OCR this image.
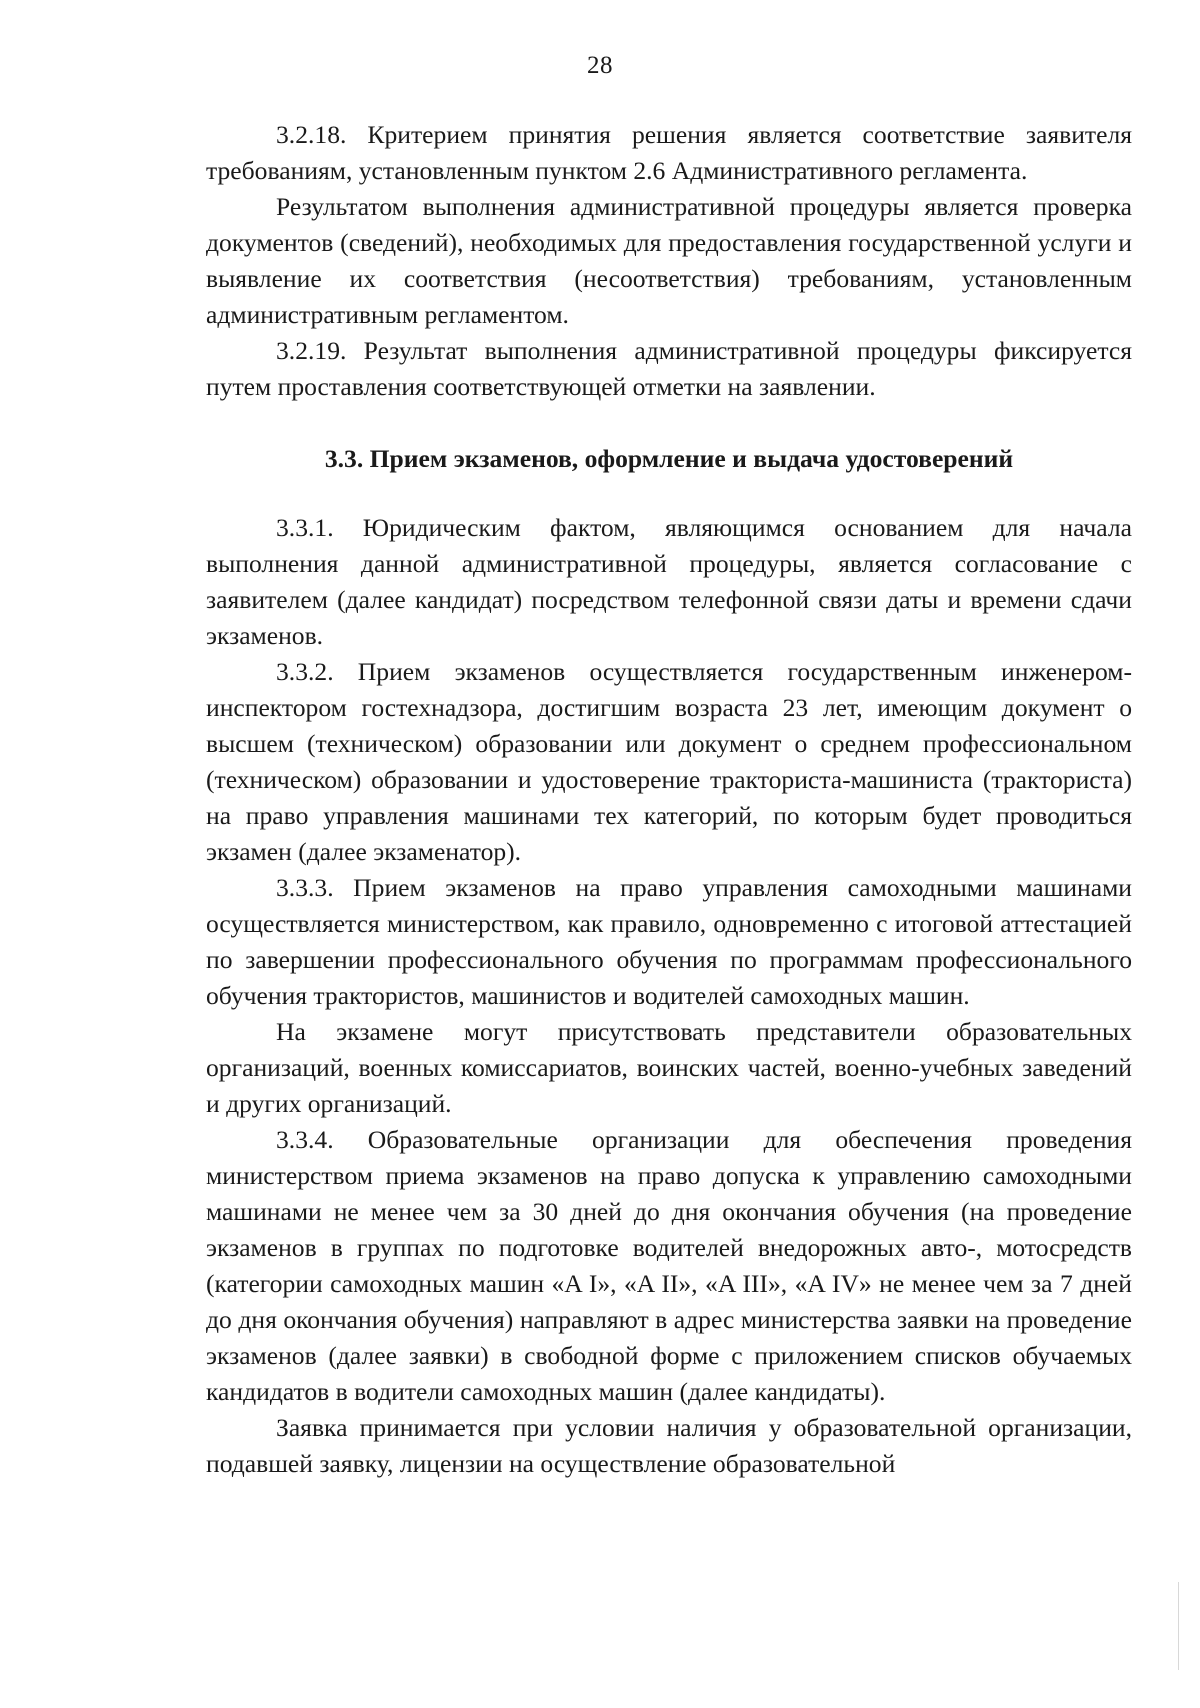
28

3.2.18. Критерием принятия решения является соответствие заявителя требованиям, установленным пунктом 2.6 Административного регламента.

Результатом выполнения административной процедуры является проверка документов (сведений), необходимых для предоставления государственной услуги и выявление их соответствия (несоответствия) требованиям, установленным административным регламентом.

3.2.19. Результат выполнения административной процедуры фиксируется путем проставления соответствующей отметки на заявлении.

3.3. Прием экзаменов, оформление и выдача удостоверений

3.3.1. Юридическим фактом, являющимся основанием для начала выполнения данной административной процедуры, является согласование с заявителем (далее кандидат) посредством телефонной связи даты и времени сдачи экзаменов.

3.3.2. Прием экзаменов осуществляется государственным инженером-инспектором гостехнадзора, достигшим возраста 23 лет, имеющим документ о высшем (техническом) образовании или документ о среднем профессиональном (техническом) образовании и удостоверение тракториста-машиниста (тракториста) на право управления машинами тех категорий, по которым будет проводиться экзамен (далее экзаменатор).

3.3.3. Прием экзаменов на право управления самоходными машинами осуществляется министерством, как правило, одновременно с итоговой аттестацией по завершении профессионального обучения по программам профессионального обучения трактористов, машинистов и водителей самоходных машин.

На экзамене могут присутствовать представители образовательных организаций, военных комиссариатов, воинских частей, военно-учебных заведений и других организаций.

3.3.4. Образовательные организации для обеспечения проведения министерством приема экзаменов на право допуска к управлению самоходными машинами не менее чем за 30 дней до дня окончания обучения (на проведение экзаменов в группах по подготовке водителей внедорожных авто-, мотосредств (категории самоходных машин «A I», «A II», «A III», «A IV» не менее чем за 7 дней до дня окончания обучения) направляют в адрес министерства заявки на проведение экзаменов (далее заявки) в свободной форме с приложением списков обучаемых кандидатов в водители самоходных машин (далее кандидаты).

Заявка принимается при условии наличия у образовательной организации, подавшей заявку, лицензии на осуществление образовательной
